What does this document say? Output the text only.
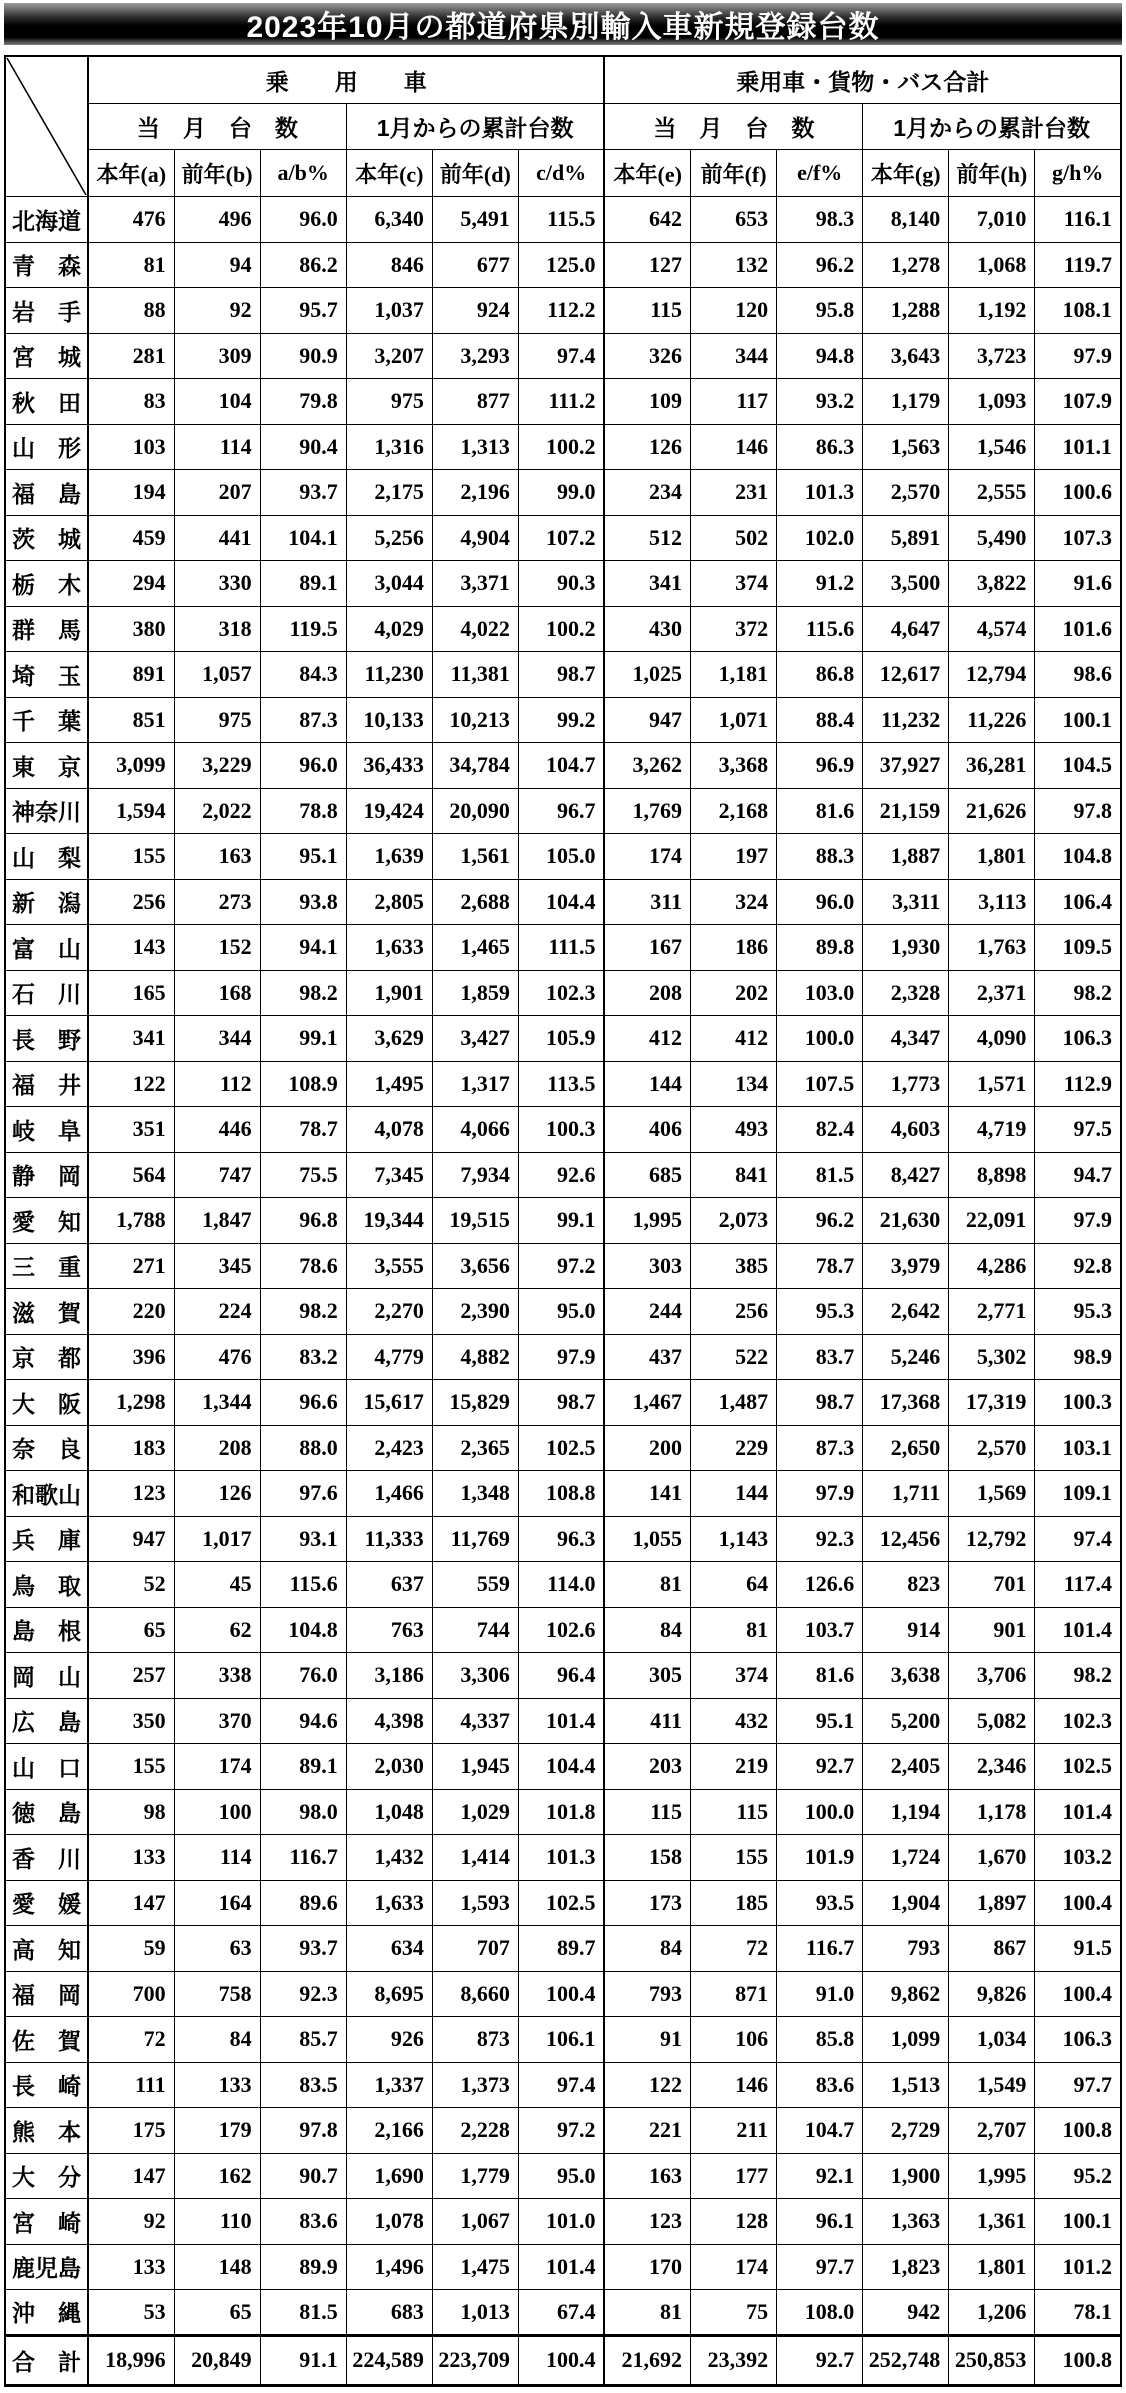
2023年10月の都道府県別輸入車新規登録台数
	乗　　用　　車						乗用車・貨物・バス合計					
	当　月　台　数			1月からの累計台数			当　月　台　数			1月からの累計台数		
	本年(a)	前年(b)	a/b%	本年(c)	前年(d)	c/d%	本年(e)	前年(f)	e/f%	本年(g)	前年(h)	g/h%

北海道	476	496	96.0	6,340	5,491	115.5	642	653	98.3	8,140	7,010	116.1

青森	81	94	86.2	846	677	125.0	127	132	96.2	1,278	1,068	119.7

岩手	88	92	95.7	1,037	924	112.2	115	120	95.8	1,288	1,192	108.1

宮城	281	309	90.9	3,207	3,293	97.4	326	344	94.8	3,643	3,723	97.9

秋田	83	104	79.8	975	877	111.2	109	117	93.2	1,179	1,093	107.9

山形	103	114	90.4	1,316	1,313	100.2	126	146	86.3	1,563	1,546	101.1

福島	194	207	93.7	2,175	2,196	99.0	234	231	101.3	2,570	2,555	100.6

茨城	459	441	104.1	5,256	4,904	107.2	512	502	102.0	5,891	5,490	107.3

栃木	294	330	89.1	3,044	3,371	90.3	341	374	91.2	3,500	3,822	91.6

群馬	380	318	119.5	4,029	4,022	100.2	430	372	115.6	4,647	4,574	101.6

埼玉	891	1,057	84.3	11,230	11,381	98.7	1,025	1,181	86.8	12,617	12,794	98.6

千葉	851	975	87.3	10,133	10,213	99.2	947	1,071	88.4	11,232	11,226	100.1

東京	3,099	3,229	96.0	36,433	34,784	104.7	3,262	3,368	96.9	37,927	36,281	104.5

神奈川	1,594	2,022	78.8	19,424	20,090	96.7	1,769	2,168	81.6	21,159	21,626	97.8

山梨	155	163	95.1	1,639	1,561	105.0	174	197	88.3	1,887	1,801	104.8

新潟	256	273	93.8	2,805	2,688	104.4	311	324	96.0	3,311	3,113	106.4

富山	143	152	94.1	1,633	1,465	111.5	167	186	89.8	1,930	1,763	109.5

石川	165	168	98.2	1,901	1,859	102.3	208	202	103.0	2,328	2,371	98.2

長野	341	344	99.1	3,629	3,427	105.9	412	412	100.0	4,347	4,090	106.3

福井	122	112	108.9	1,495	1,317	113.5	144	134	107.5	1,773	1,571	112.9

岐阜	351	446	78.7	4,078	4,066	100.3	406	493	82.4	4,603	4,719	97.5

静岡	564	747	75.5	7,345	7,934	92.6	685	841	81.5	8,427	8,898	94.7

愛知	1,788	1,847	96.8	19,344	19,515	99.1	1,995	2,073	96.2	21,630	22,091	97.9

三重	271	345	78.6	3,555	3,656	97.2	303	385	78.7	3,979	4,286	92.8

滋賀	220	224	98.2	2,270	2,390	95.0	244	256	95.3	2,642	2,771	95.3

京都	396	476	83.2	4,779	4,882	97.9	437	522	83.7	5,246	5,302	98.9

大阪	1,298	1,344	96.6	15,617	15,829	98.7	1,467	1,487	98.7	17,368	17,319	100.3

奈良	183	208	88.0	2,423	2,365	102.5	200	229	87.3	2,650	2,570	103.1

和歌山	123	126	97.6	1,466	1,348	108.8	141	144	97.9	1,711	1,569	109.1

兵庫	947	1,017	93.1	11,333	11,769	96.3	1,055	1,143	92.3	12,456	12,792	97.4

鳥取	52	45	115.6	637	559	114.0	81	64	126.6	823	701	117.4

島根	65	62	104.8	763	744	102.6	84	81	103.7	914	901	101.4

岡山	257	338	76.0	3,186	3,306	96.4	305	374	81.6	3,638	3,706	98.2

広島	350	370	94.6	4,398	4,337	101.4	411	432	95.1	5,200	5,082	102.3

山口	155	174	89.1	2,030	1,945	104.4	203	219	92.7	2,405	2,346	102.5

徳島	98	100	98.0	1,048	1,029	101.8	115	115	100.0	1,194	1,178	101.4

香川	133	114	116.7	1,432	1,414	101.3	158	155	101.9	1,724	1,670	103.2

愛媛	147	164	89.6	1,633	1,593	102.5	173	185	93.5	1,904	1,897	100.4

高知	59	63	93.7	634	707	89.7	84	72	116.7	793	867	91.5

福岡	700	758	92.3	8,695	8,660	100.4	793	871	91.0	9,862	9,826	100.4

佐賀	72	84	85.7	926	873	106.1	91	106	85.8	1,099	1,034	106.3

長崎	111	133	83.5	1,337	1,373	97.4	122	146	83.6	1,513	1,549	97.7

熊本	175	179	97.8	2,166	2,228	97.2	221	211	104.7	2,729	2,707	100.8

大分	147	162	90.7	1,690	1,779	95.0	163	177	92.1	1,900	1,995	95.2

宮崎	92	110	83.6	1,078	1,067	101.0	123	128	96.1	1,363	1,361	100.1

鹿児島	133	148	89.9	1,496	1,475	101.4	170	174	97.7	1,823	1,801	101.2

沖縄	53	65	81.5	683	1,013	67.4	81	75	108.0	942	1,206	78.1

合計	18,996	20,849	91.1	224,589	223,709	100.4	21,692	23,392	92.7	252,748	250,853	100.8
